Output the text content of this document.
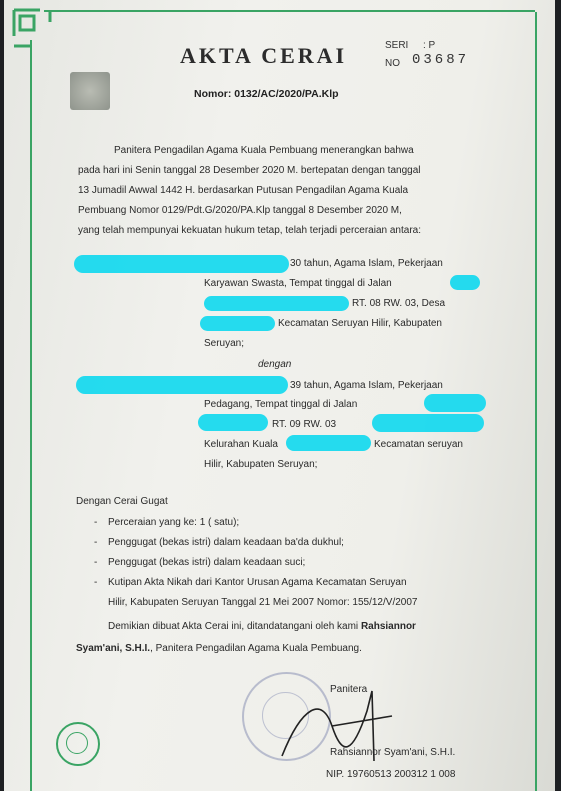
AKTA CERAI	SERI : P
NO 03687
Nomor: 0132/AC/2020/PA.Klp
Panitera Pengadilan Agama Kuala Pembuang menerangkan bahwa
pada hari ini Senin tanggal 28 Desember 2020 M. bertepatan dengan tanggal
13 Jumadil Awwal 1442 H. berdasarkan Putusan Pengadilan Agama Kuala
Pembuang Nomor 0129/Pdt.G/2020/PA.Klp tanggal 8 Desember 2020 M,
yang telah mempunyai kekuatan hukum tetap, telah terjadi perceraian antara:
30 tahun, Agama Islam, Pekerjaan
Karyawan Swasta, Tempat tinggal di Jalan
RT. 08 RW. 03, Desa
Kecamatan Seruyan Hilir, Kabupaten
Seruyan;
dengan
39 tahun, Agama Islam, Pekerjaan
Pedagang, Tempat tinggal di Jalan
RT. 09 RW. 03
Kelurahan Kuala	Kecamatan seruyan
Hilir, Kabupaten Seruyan;
Dengan Cerai Gugat
- Perceraian yang ke: 1 ( satu);
- Penggugat (bekas istri) dalam keadaan ba'da dukhul;
- Penggugat (bekas istri) dalam keadaan suci;
- Kutipan Akta Nikah dari Kantor Urusan Agama Kecamatan Seruyan
Hilir, Kabupaten Seruyan Tanggal 21 Mei 2007 Nomor: 155/12/V/2007
Demikian dibuat Akta Cerai ini, ditandatangani oleh kami Rahsiannor
Syam'ani, S.H.I., Panitera Pengadilan Agama Kuala Pembuang.
Panitera
Rahsiannor Syam'ani, S.H.I.
NIP. 19760513 200312 1 008
